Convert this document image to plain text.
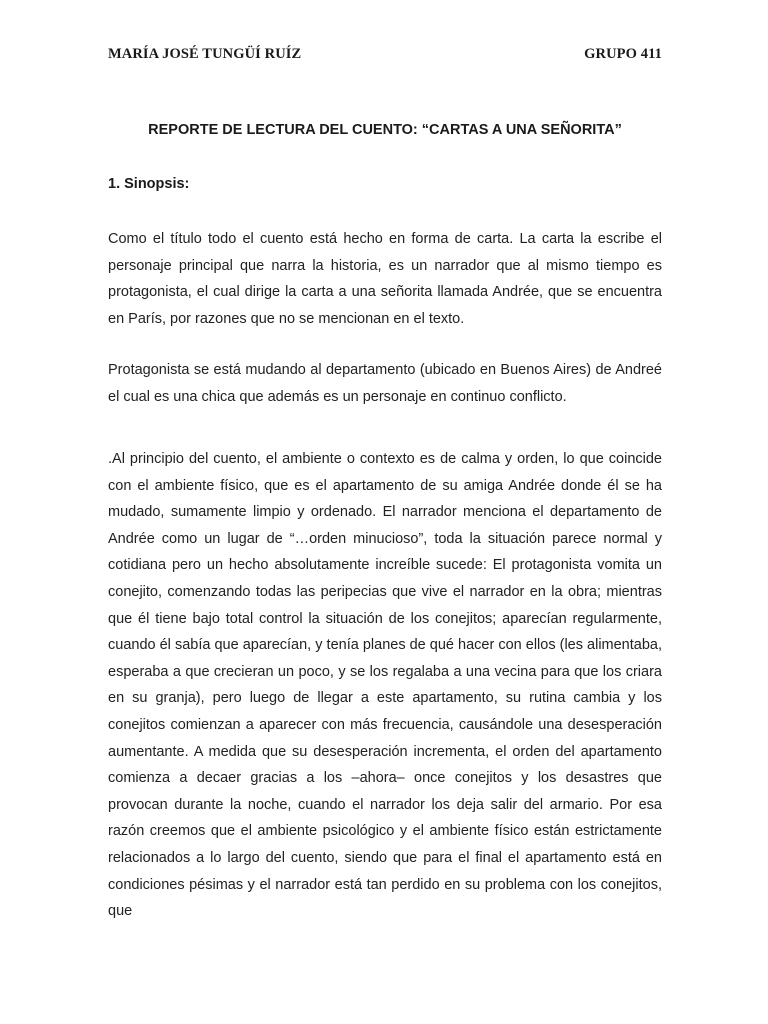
MARÍA JOSÉ TUNGÜÍ RUÍZ	GRUPO 411
REPORTE DE LECTURA DEL CUENTO: “CARTAS A UNA SEÑORITA”
1. Sinopsis:

Como el título todo el cuento está hecho en forma de carta. La carta la escribe el personaje principal que narra la historia, es un narrador que al mismo tiempo es protagonista, el cual dirige la carta a una señorita llamada Andrée, que se encuentra en París, por razones que no se mencionan en el texto.

Protagonista se está mudando al departamento (ubicado en Buenos Aires) de Andreé el cual es una chica que además es un personaje en continuo conflicto.

.Al principio del cuento, el ambiente o contexto es de calma y orden, lo que coincide con el ambiente físico, que es el apartamento de su amiga Andrée donde él se ha mudado, sumamente limpio y ordenado. El narrador menciona el departamento de Andrée como un lugar de “…orden minucioso”, toda la situación parece normal y cotidiana pero un hecho absolutamente increíble sucede: El protagonista vomita un conejito, comenzando todas las peripecias que vive el narrador en la obra; mientras que él tiene bajo total control la situación de los conejitos; aparecían regularmente, cuando él sabía que aparecían, y tenía planes de qué hacer con ellos (les alimentaba, esperaba a que crecieran un poco, y se los regalaba a una vecina para que los criara en su granja), pero luego de llegar a este apartamento, su rutina cambia y los conejitos comienzan a aparecer con más frecuencia, causándole una desesperación aumentante. A medida que su desesperación incrementa, el orden del apartamento comienza a decaer gracias a los –ahora– once conejitos y los desastres que provocan durante la noche, cuando el narrador los deja salir del armario. Por esa razón creemos que el ambiente psicológico y el ambiente físico están estrictamente relacionados a lo largo del cuento, siendo que para el final el apartamento está en condiciones pésimas y el narrador está tan perdido en su problema con los conejitos, que
